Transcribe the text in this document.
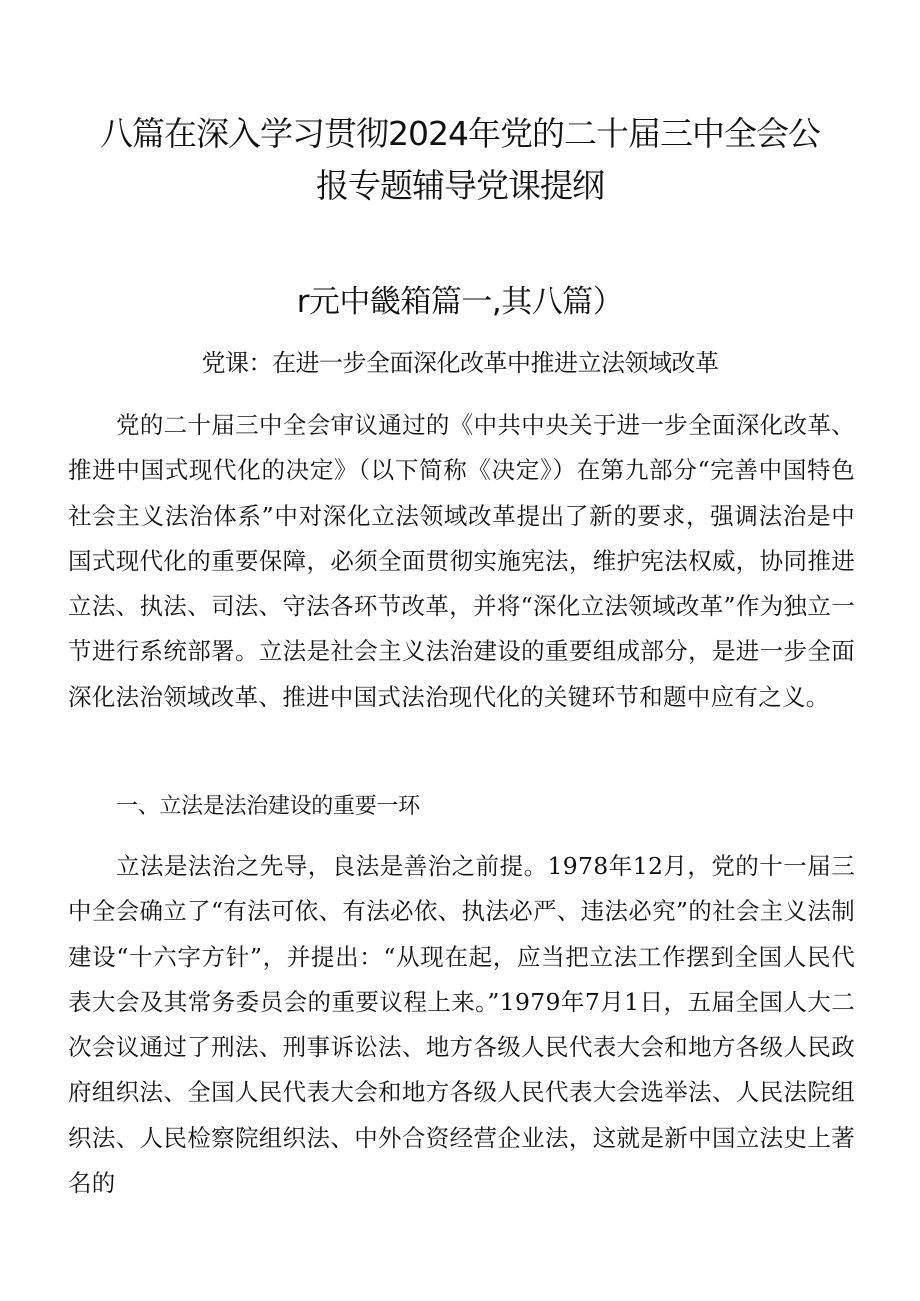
八篇在深入学习贯彻2024年党的二十届三中全会公
报专题辅导党课提纲
r元中畿箱篇一,其八篇）
党课：在进一步全面深化改革中推进立法领域改革

党的二十届三中全会审议通过的《中共中央关于进一步全面深化改革、推进中国式现代化的决定》（以下简称《决定》）在第九部分“完善中国特色社会主义法治体系”中对深化立法领域改革提出了新的要求，强调法治是中国式现代化的重要保障，必须全面贯彻实施宪法，维护宪法权威，协同推进立法、执法、司法、守法各环节改革，并将“深化立法领域改革”作为独立一节进行系统部署。立法是社会主义法治建设的重要组成部分，是进一步全面深化法治领域改革、推进中国式法治现代化的关键环节和题中应有之义。

一、立法是法治建设的重要一环

立法是法治之先导，良法是善治之前提。1978年12月，党的十一届三中全会确立了“有法可依、有法必依、执法必严、违法必究”的社会主义法制建设“十六字方针”，并提出：“从现在起，应当把立法工作摆到全国人民代表大会及其常务委员会的重要议程上来。”1979年7月1日，五届全国人大二次会议通过了刑法、刑事诉讼法、地方各级人民代表大会和地方各级人民政府组织法、全国人民代表大会和地方各级人民代表大会选举法、人民法院组织法、人民检察院组织法、中外合资经营企业法，这就是新中国立法史上著名的
